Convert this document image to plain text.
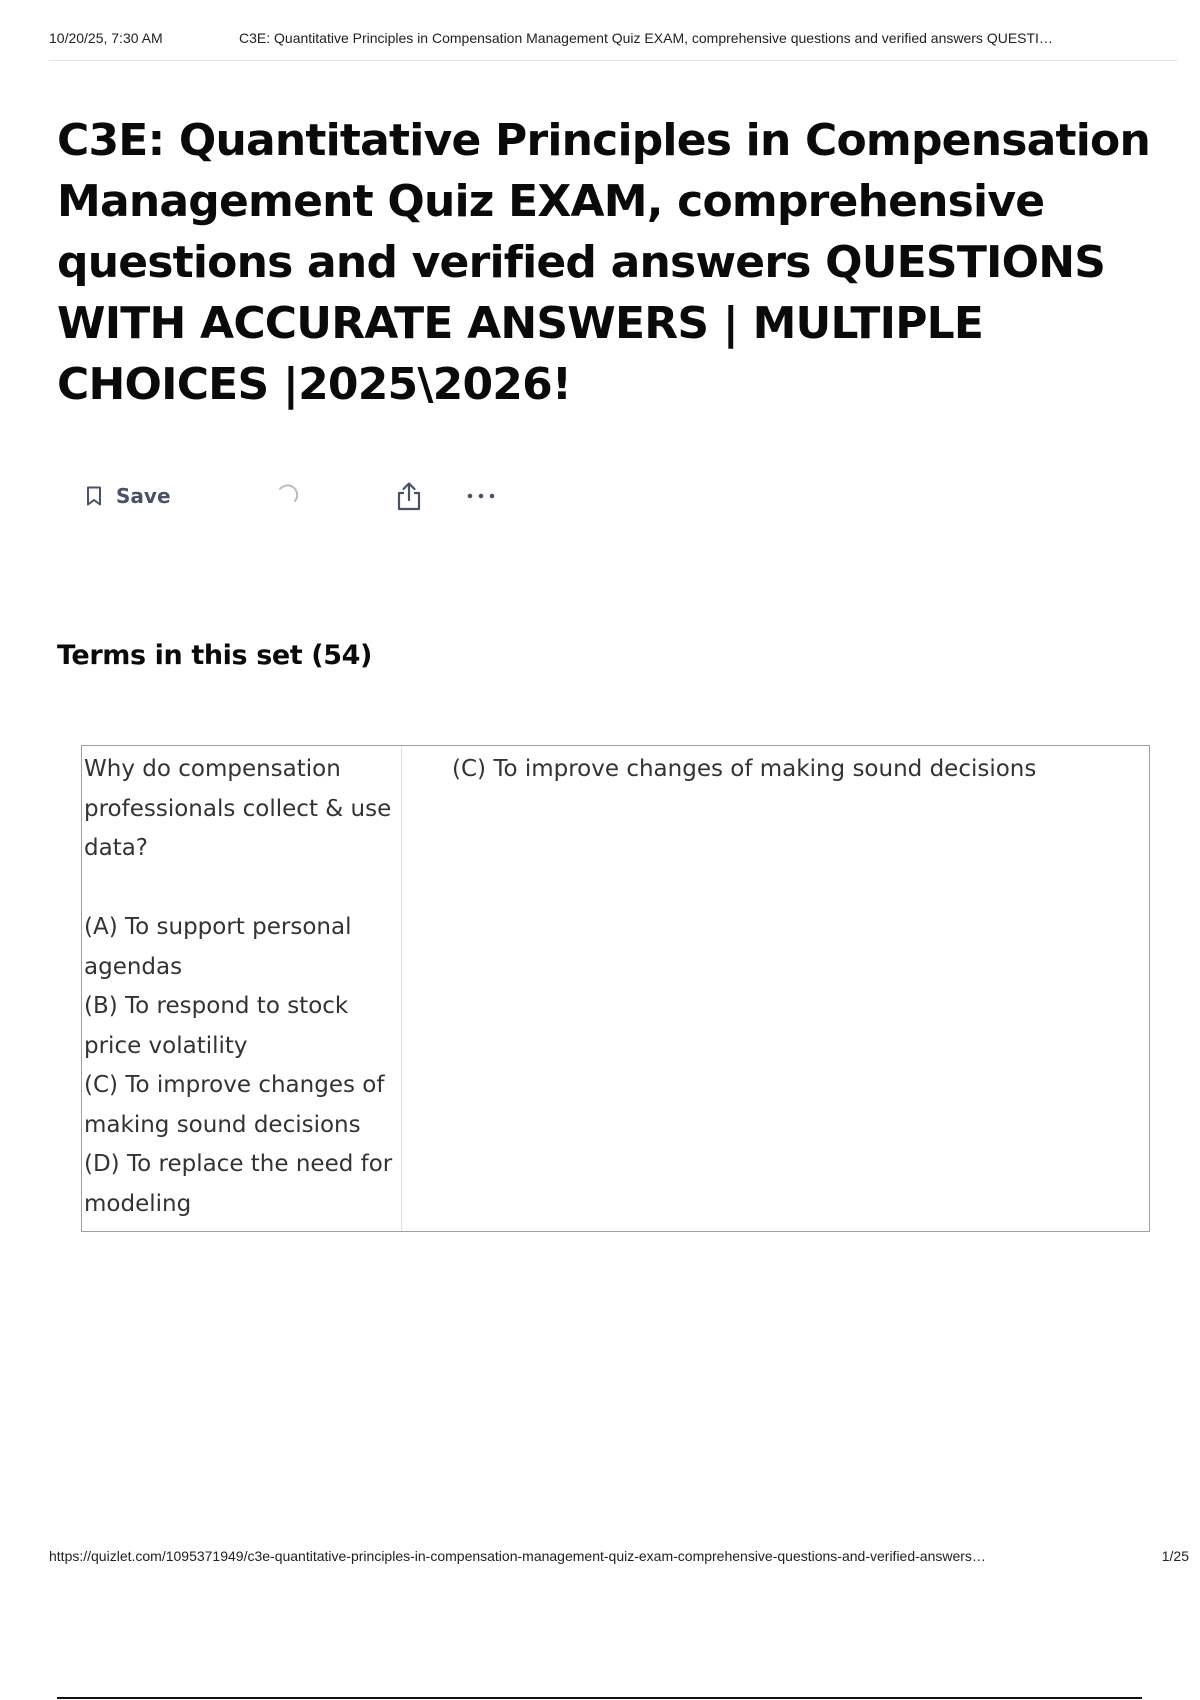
10/20/25, 7:30 AM	C3E: Quantitative Principles in Compensation Management Quiz EXAM, comprehensive questions and verified answers QUESTI…
C3E: Quantitative Principles in Compensation Management Quiz EXAM, comprehensive questions and verified answers QUESTIONS WITH ACCURATE ANSWERS | MULTIPLE CHOICES |2025\2026!
Save
Terms in this set (54)
Why do compensation professionals collect & use data?

(A) To support personal agendas
(B) To respond to stock price volatility
(C) To improve changes of making sound decisions
(D) To replace the need for modeling
(C) To improve changes of making sound decisions
https://quizlet.com/1095371949/c3e-quantitative-principles-in-compensation-management-quiz-exam-comprehensive-questions-and-verified-answers…	1/25
